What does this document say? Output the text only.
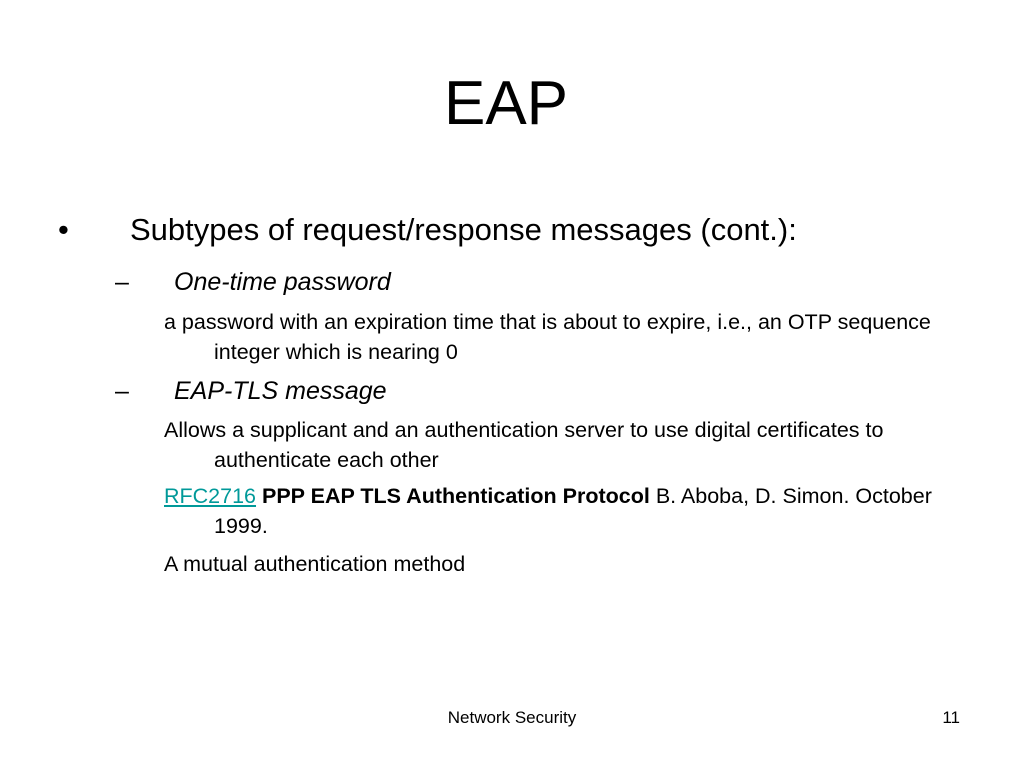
EAP
• Subtypes of request/response messages (cont.):
– One-time password
a password with an expiration time that is about to expire, i.e., an OTP sequence integer which is nearing 0
– EAP-TLS message
Allows a supplicant and an authentication server to use digital certificates to authenticate each other
RFC2716 PPP EAP TLS Authentication Protocol B. Aboba, D. Simon. October 1999.
A mutual authentication method
Network Security	11
